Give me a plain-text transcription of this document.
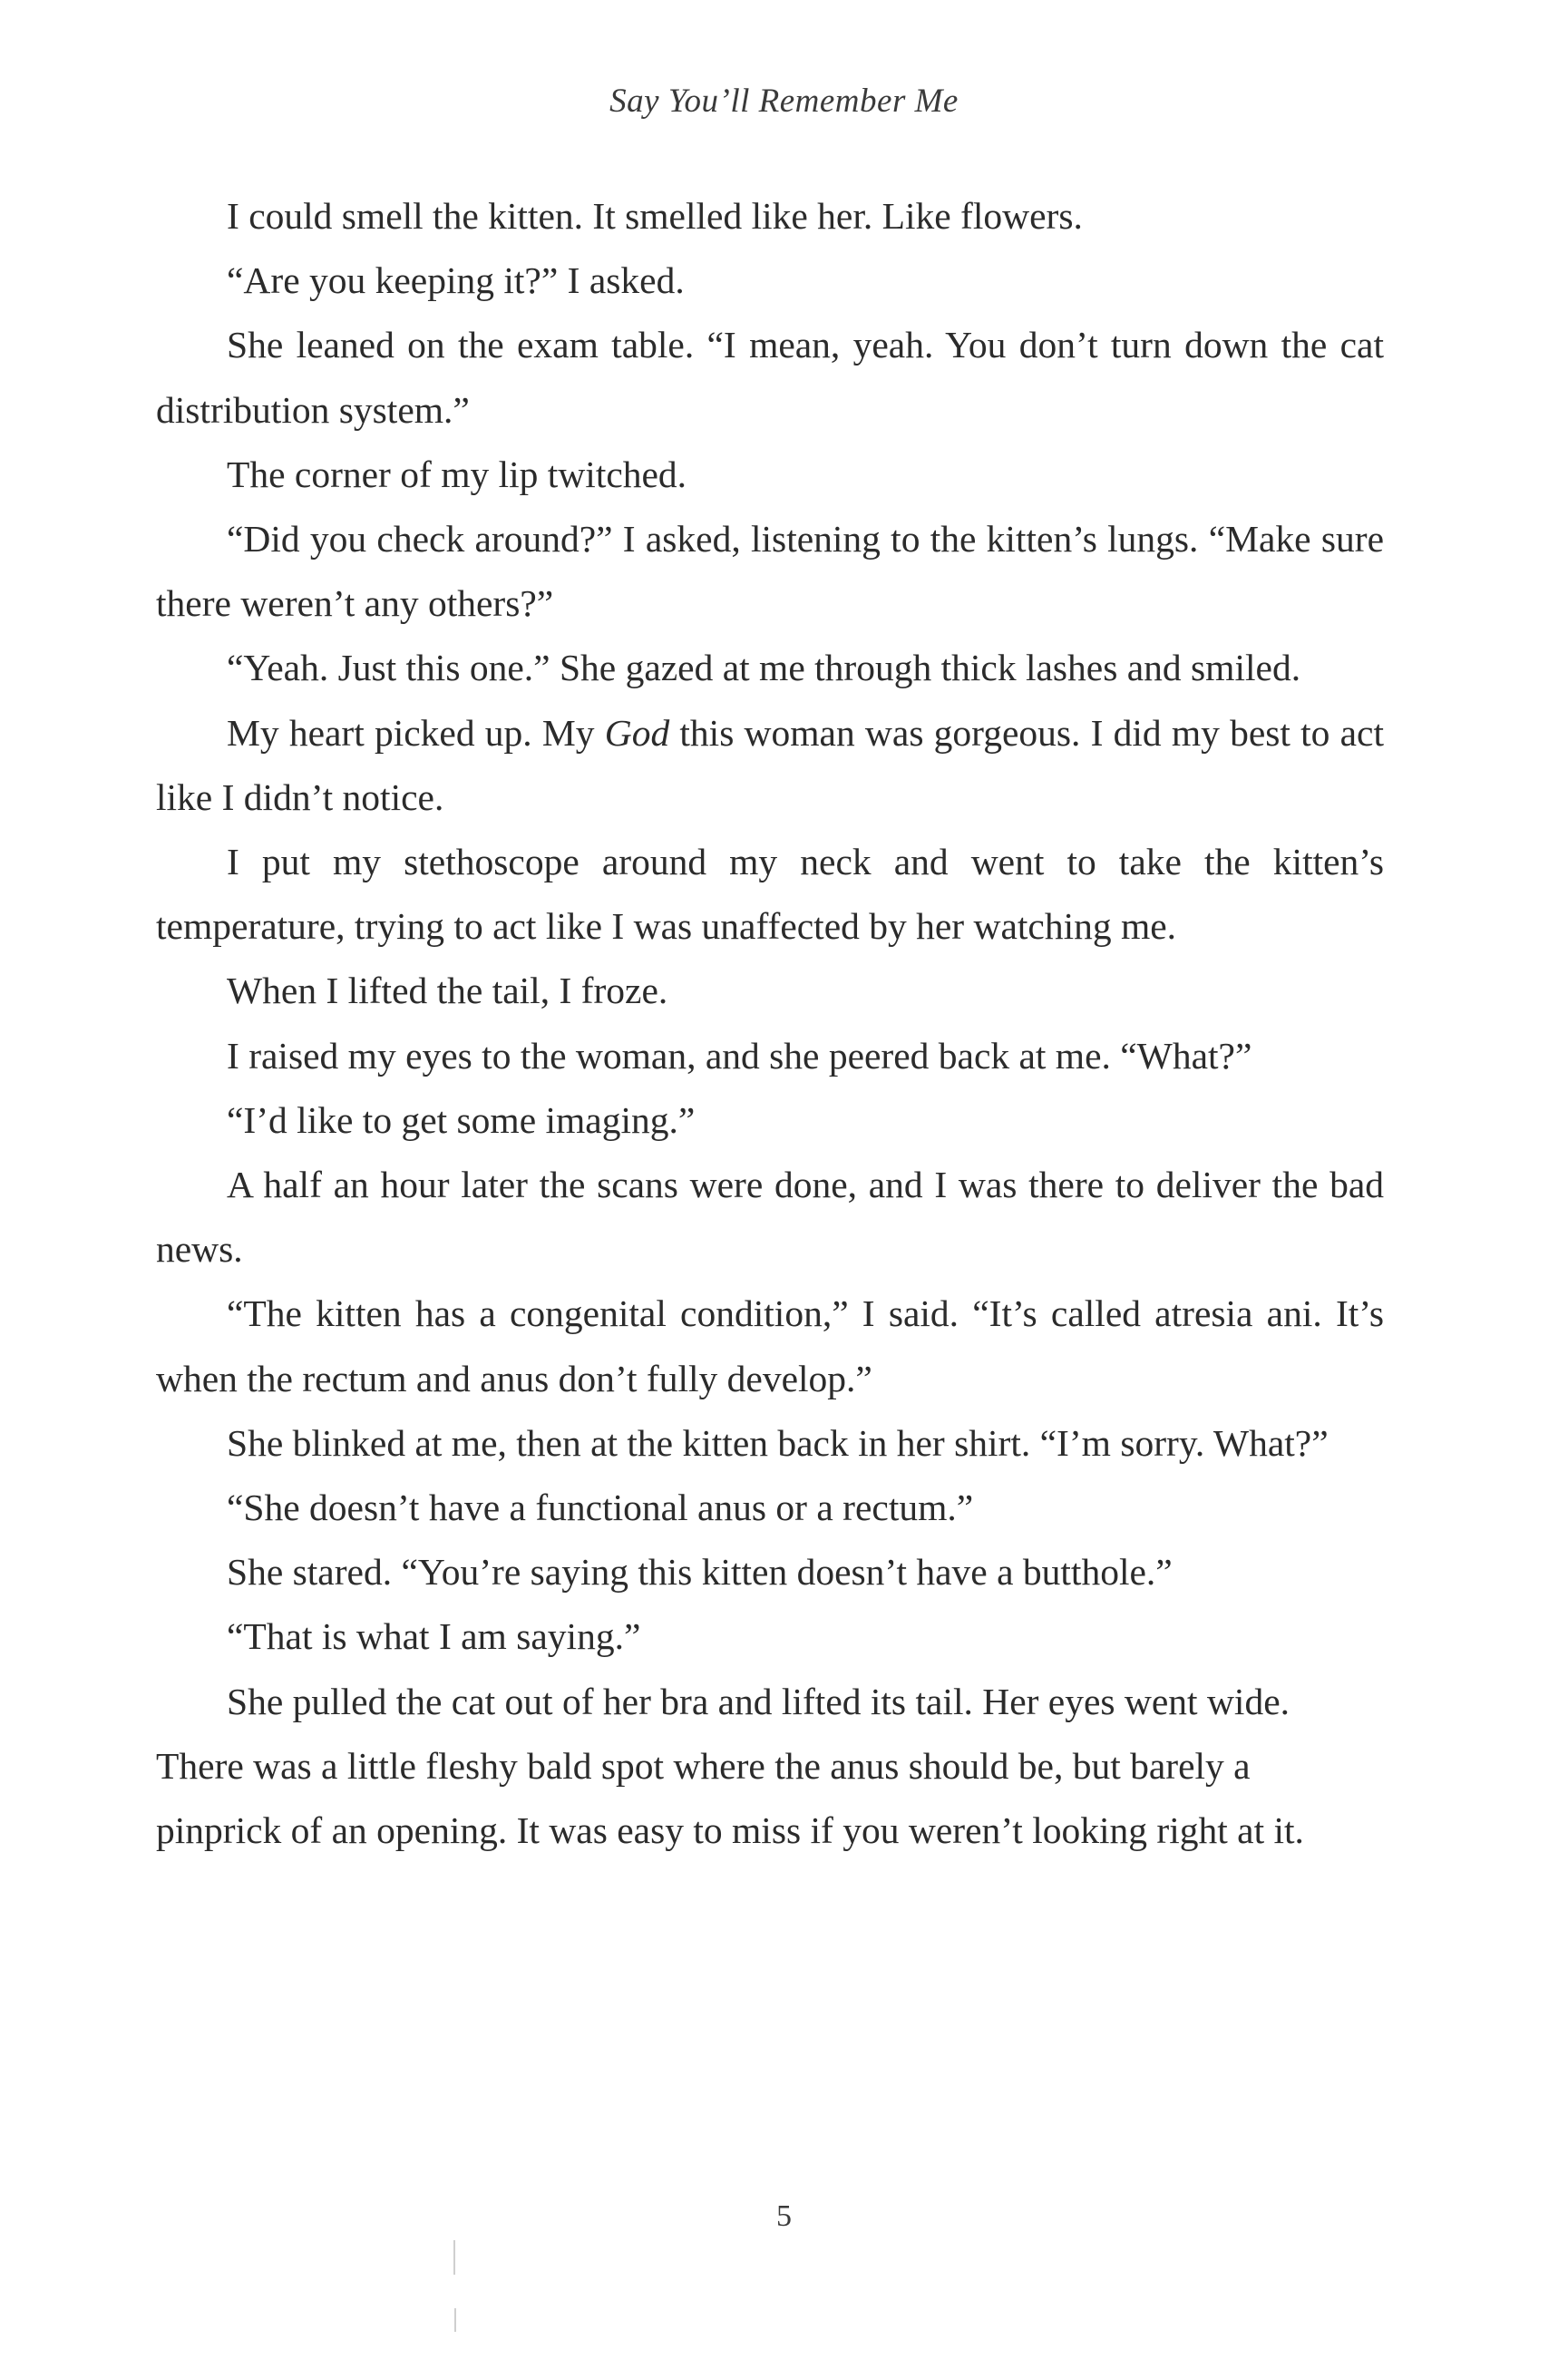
Say You’ll Remember Me

I could smell the kitten. It smelled like her. Like flowers.

“Are you keeping it?” I asked.

She leaned on the exam table. “I mean, yeah. You don’t turn down the cat distribution system.”

The corner of my lip twitched.

“Did you check around?” I asked, listening to the kitten’s lungs. “Make sure there weren’t any others?”

“Yeah. Just this one.” She gazed at me through thick lashes and smiled.

My heart picked up. My God this woman was gorgeous. I did my best to act like I didn’t notice.

I put my stethoscope around my neck and went to take the kitten’s temperature, trying to act like I was unaffected by her watching me.

When I lifted the tail, I froze.

I raised my eyes to the woman, and she peered back at me. “What?”

“I’d like to get some imaging.”

A half an hour later the scans were done, and I was there to deliver the bad news.

“The kitten has a congenital condition,” I said. “It’s called atresia ani. It’s when the rectum and anus don’t fully develop.”

She blinked at me, then at the kitten back in her shirt. “I’m sorry. What?”

“She doesn’t have a functional anus or a rectum.”

She stared. “You’re saying this kitten doesn’t have a butthole.”

“That is what I am saying.”

She pulled the cat out of her bra and lifted its tail. Her eyes went wide. There was a little fleshy bald spot where the anus should be, but barely a pinprick of an opening. It was easy to miss if you weren’t looking right at it.

5
